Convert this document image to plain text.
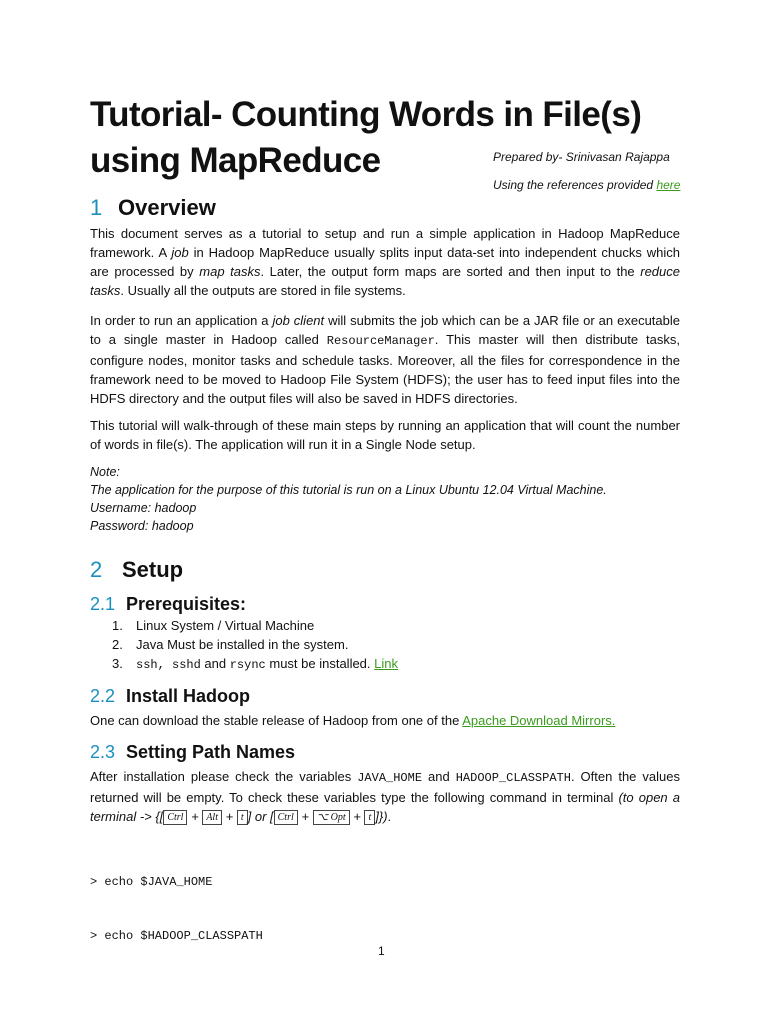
Tutorial- Counting Words in File(s)
using MapReduce	Prepared by- Srinivasan Rajappa
Using the references provided here
1 Overview
This document serves as a tutorial to setup and run a simple application in Hadoop MapReduce framework. A job in Hadoop MapReduce usually splits input data-set into independent chucks which are processed by map tasks. Later, the output form maps are sorted and then input to the reduce tasks. Usually all the outputs are stored in file systems.
In order to run an application a job client will submits the job which can be a JAR file or an executable to a single master in Hadoop called ResourceManager. This master will then distribute tasks, configure nodes, monitor tasks and schedule tasks. Moreover, all the files for correspondence in the framework need to be moved to Hadoop File System (HDFS); the user has to feed input files into the HDFS directory and the output files will also be saved in HDFS directories.
This tutorial will walk-through of these main steps by running an application that will count the number of words in file(s). The application will run it in a Single Node setup.
Note:
The application for the purpose of this tutorial is run on a Linux Ubuntu 12.04 Virtual Machine.
Username: hadoop
Password: hadoop
2 Setup
2.1 Prerequisites:
1. Linux System / Virtual Machine
2. Java Must be installed in the system.
3. ssh, sshd and rsync must be installed. Link
2.2 Install Hadoop
One can download the stable release of Hadoop from one of the Apache Download Mirrors.
2.3 Setting Path Names
After installation please check the variables JAVA_HOME and HADOOP_CLASSPATH. Often the values returned will be empty. To check these variables type the following command in terminal (to open a terminal -> {[ Ctrl + Alt + t ] or [ Ctrl + ⌥ Opt + t ]}).

> echo $JAVA_HOME

> echo $HADOOP_CLASSPATH

1
